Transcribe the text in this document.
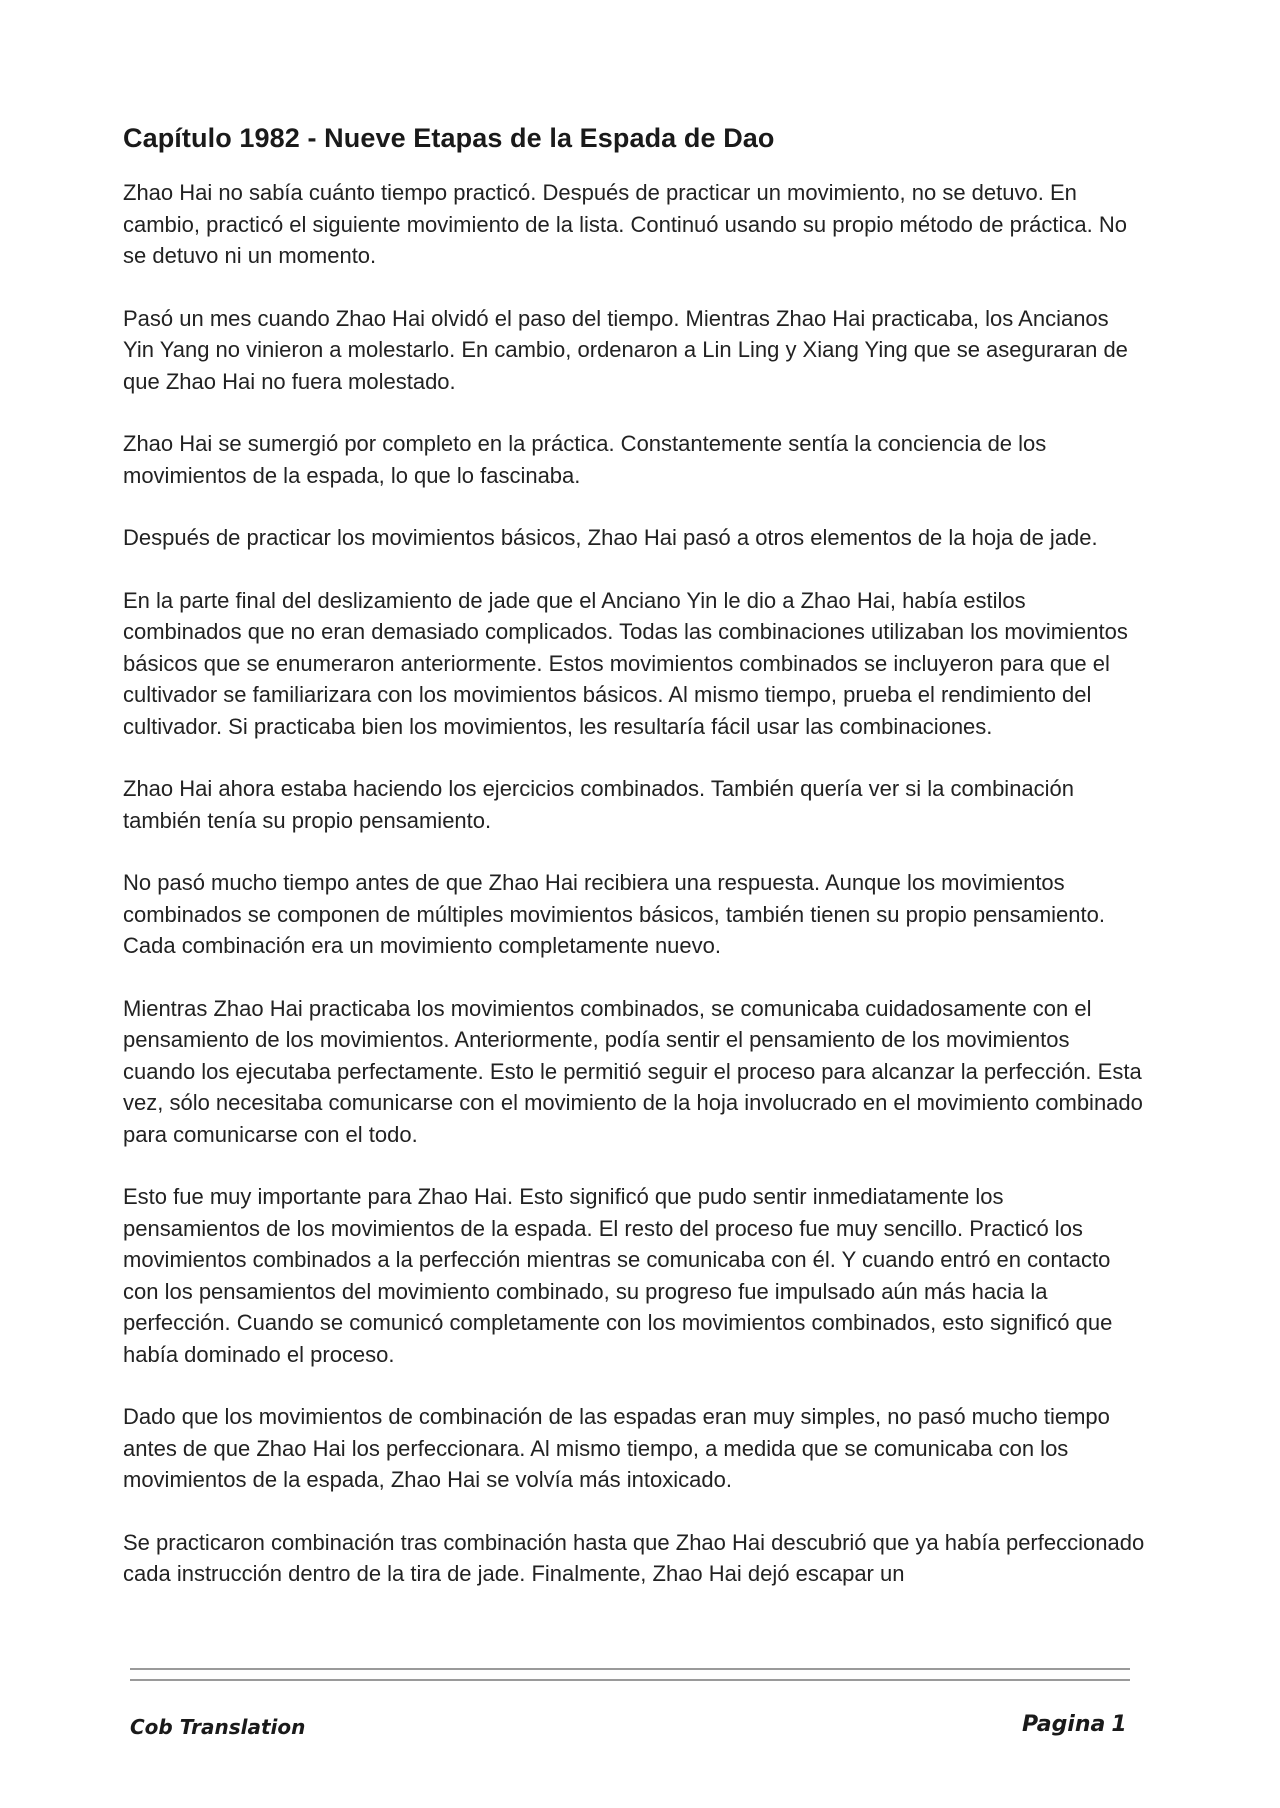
Capítulo 1982 - Nueve Etapas de la Espada de Dao

Zhao Hai no sabía cuánto tiempo practicó. Después de practicar un movimiento, no se detuvo. En cambio, practicó el siguiente movimiento de la lista. Continuó usando su propio método de práctica. No se detuvo ni un momento.

Pasó un mes cuando Zhao Hai olvidó el paso del tiempo. Mientras Zhao Hai practicaba, los Ancianos Yin Yang no vinieron a molestarlo. En cambio, ordenaron a Lin Ling y Xiang Ying que se aseguraran de que Zhao Hai no fuera molestado.

Zhao Hai se sumergió por completo en la práctica. Constantemente sentía la conciencia de los movimientos de la espada, lo que lo fascinaba.

Después de practicar los movimientos básicos, Zhao Hai pasó a otros elementos de la hoja de jade.

En la parte final del deslizamiento de jade que el Anciano Yin le dio a Zhao Hai, había estilos combinados que no eran demasiado complicados. Todas las combinaciones utilizaban los movimientos básicos que se enumeraron anteriormente. Estos movimientos combinados se incluyeron para que el cultivador se familiarizara con los movimientos básicos. Al mismo tiempo, prueba el rendimiento del cultivador. Si practicaba bien los movimientos, les resultaría fácil usar las combinaciones.

Zhao Hai ahora estaba haciendo los ejercicios combinados. También quería ver si la combinación también tenía su propio pensamiento.

No pasó mucho tiempo antes de que Zhao Hai recibiera una respuesta. Aunque los movimientos combinados se componen de múltiples movimientos básicos, también tienen su propio pensamiento. Cada combinación era un movimiento completamente nuevo.

Mientras Zhao Hai practicaba los movimientos combinados, se comunicaba cuidadosamente con el pensamiento de los movimientos. Anteriormente, podía sentir el pensamiento de los movimientos cuando los ejecutaba perfectamente. Esto le permitió seguir el proceso para alcanzar la perfección. Esta vez, sólo necesitaba comunicarse con el movimiento de la hoja involucrado en el movimiento combinado para comunicarse con el todo.

Esto fue muy importante para Zhao Hai. Esto significó que pudo sentir inmediatamente los pensamientos de los movimientos de la espada. El resto del proceso fue muy sencillo. Practicó los movimientos combinados a la perfección mientras se comunicaba con él. Y cuando entró en contacto con los pensamientos del movimiento combinado, su progreso fue impulsado aún más hacia la perfección. Cuando se comunicó completamente con los movimientos combinados, esto significó que había dominado el proceso.

Dado que los movimientos de combinación de las espadas eran muy simples, no pasó mucho tiempo antes de que Zhao Hai los perfeccionara. Al mismo tiempo, a medida que se comunicaba con los movimientos de la espada, Zhao Hai se volvía más intoxicado.

Se practicaron combinación tras combinación hasta que Zhao Hai descubrió que ya había perfeccionado cada instrucción dentro de la tira de jade. Finalmente, Zhao Hai dejó escapar un

Cob Translation	Pagina 1
